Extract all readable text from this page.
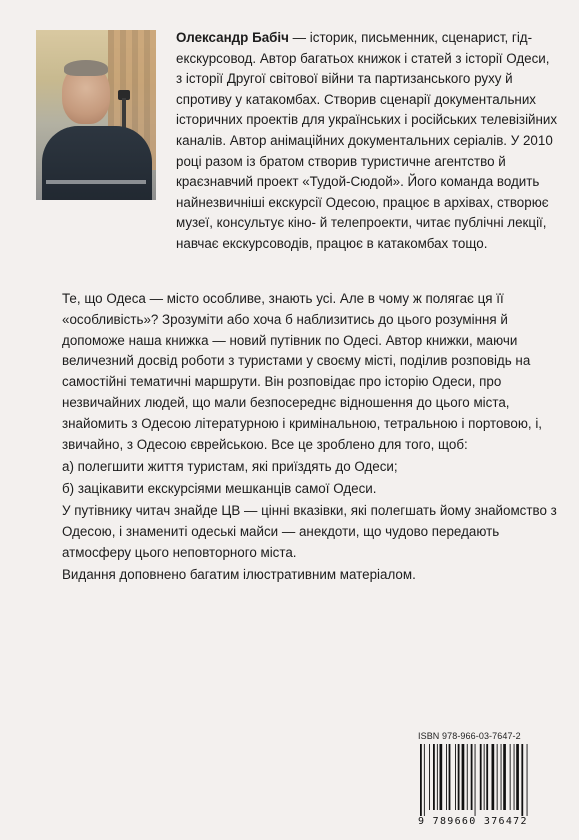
Олександр Бабіч — історик, письменник, сценарист, гід-екскурсовод. Автор багатьох книжок і статей з історії Одеси, з історії Другої світової війни та партизанського руху й спротиву у катакомбах. Створив сценарії документальних історичних проектів для українських і російських телевізійних каналів. Автор анімаційних документальних серіалів. У 2010 році разом із братом створив туристичне агентство й краєзнавчий проект «Тудой-Сюдой». Його команда водить найнезвичніші екскурсії Одесою, працює в архівах, створює музеї, консультує кіно- й телепроекти, читає публічні лекції, навчає екскурсоводів, працює в катакомбах тощо.

Те, що Одеса — місто особливе, знають усі. Але в чому ж полягає ця її «особливість»? Зрозуміти або хоча б наблизитись до цього розуміння й допоможе наша книжка — новий путівник по Одесі. Автор книжки, маючи величезний досвід роботи з туристами у своєму місті, поділив розповідь на самостійні тематичні маршрути. Він розповідає про історію Одеси, про незвичайних людей, що мали безпосереднє відношення до цього міста, знайомить з Одесою літературною і кримінальною, тетральною і портовою, і, звичайно, з Одесою єврейською. Все це зроблено для того, щоб:

а) полегшити життя туристам, які приїздять до Одеси;

б) зацікавити екскурсіями мешканців самої Одеси.

У путівнику читач знайде ЦВ — цінні вказівки, які полегшать йому знайомство з Одесою, і знамениті одеські майси — анекдоти, що чудово передають атмосферу цього неповторного міста.

Видання доповнено багатим ілюстративним матеріалом.

ISBN 978-966-03-7647-2
9 789660 376472
